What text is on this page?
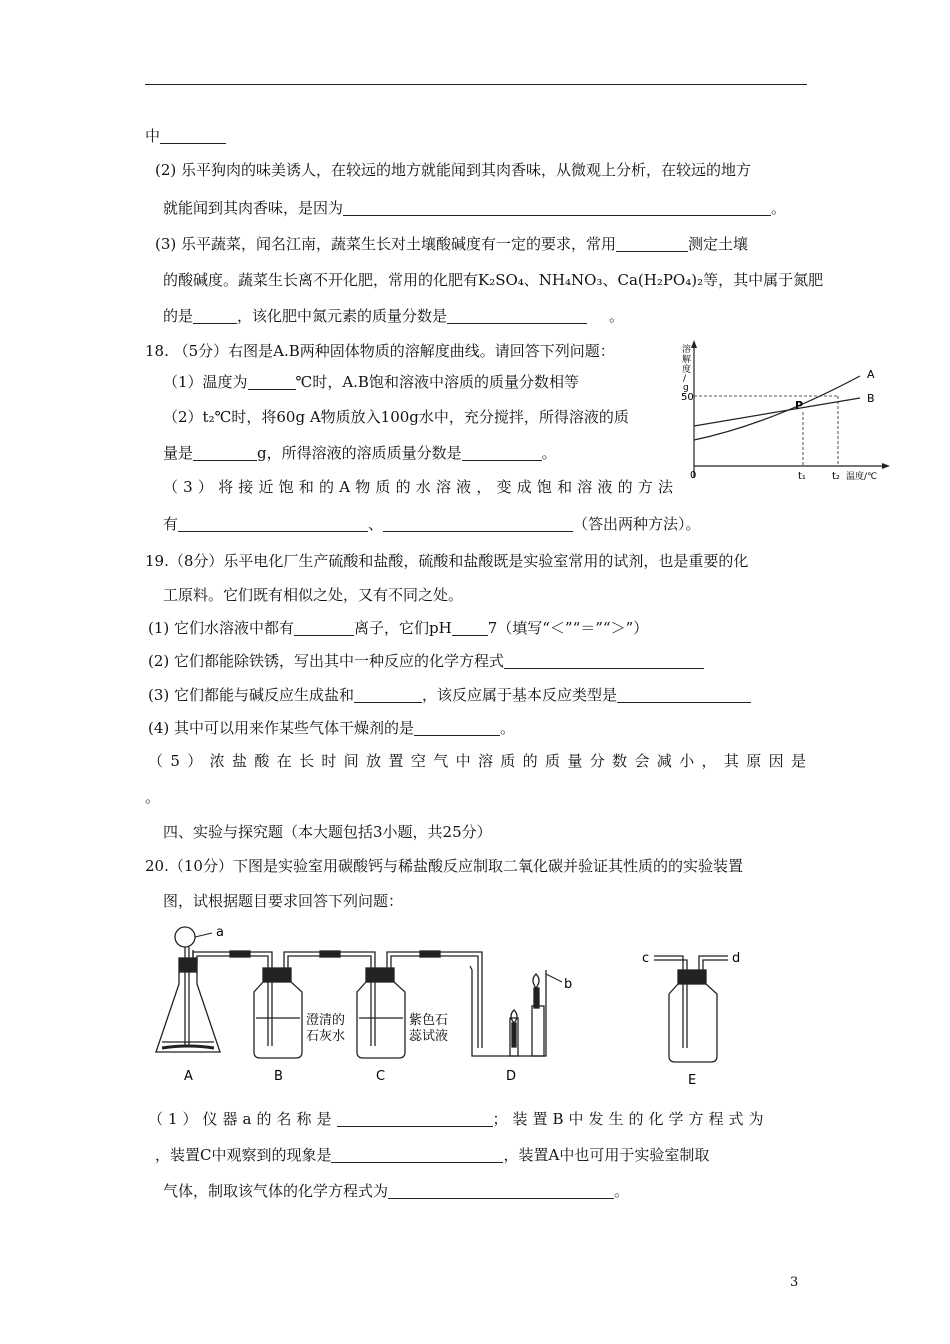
中
(2) 乐平狗肉的味美诱人，在较远的地方就能闻到其肉香味，从微观上分析，在较远的地方
就能闻到其肉香味，是因为	。
(3) 乐平蔬菜，闻名江南，蔬菜生长对土壤酸碱度有一定的要求，常用	测定土壤
的酸碱度。蔬菜生长离不开化肥，常用的化肥有K₂SO₄、NH₄NO₃、Ca(H₂PO₄)₂等，其中属于氮肥
的是	，该化肥中氮元素的质量分数是	。
18. （5分）右图是A.B两种固体物质的溶解度曲线。请回答下列问题：
（1）温度为	℃时，A.B饱和溶液中溶质的质量分数相等
（2）t₂℃时，将60g A物质放入100g水中，充分搅拌，所得溶液的质
量是	g，所得溶液的溶质质量分数是	。
（3）将接近饱和的A物质的水溶液，变成饱和溶液的方法
有	、	（答出两种方法）。
溶
解
度
/
g
50
A
B
P
0	t₁	t₂ 温度/℃
19.（8分）乐平电化厂生产硫酸和盐酸，硫酸和盐酸既是实验室常用的试剂，也是重要的化
工原料。它们既有相似之处，又有不同之处。
(1) 它们水溶液中都有	离子，它们pH 7（填写“＜”“＝”“＞”）
(2) 它们都能除铁锈，写出其中一种反应的化学方程式
(3) 它们都能与碱反应生成盐和	，该反应属于基本反应类型是
(4) 其中可以用来作某些气体干燥剂的是	。
（5）浓盐酸在长时间放置空气中溶质的质量分数会减小，其原因是
。
四、实验与探究题（本大题包括3小题，共25分）
20.（10分）下图是实验室用碳酸钙与稀盐酸反应制取二氧化碳并验证其性质的的实验装置
图，试根据题目要求回答下列问题：
a
b
c	d
澄清的
石灰水
紫色石
蕊试液
A	B	C	D	E
（1）仪器a的名称是	；装置B中发生的化学方程式为
，装置C中观察到的现象是	，装置A中也可用于实验室制取
气体，制取该气体的化学方程式为	。
3
